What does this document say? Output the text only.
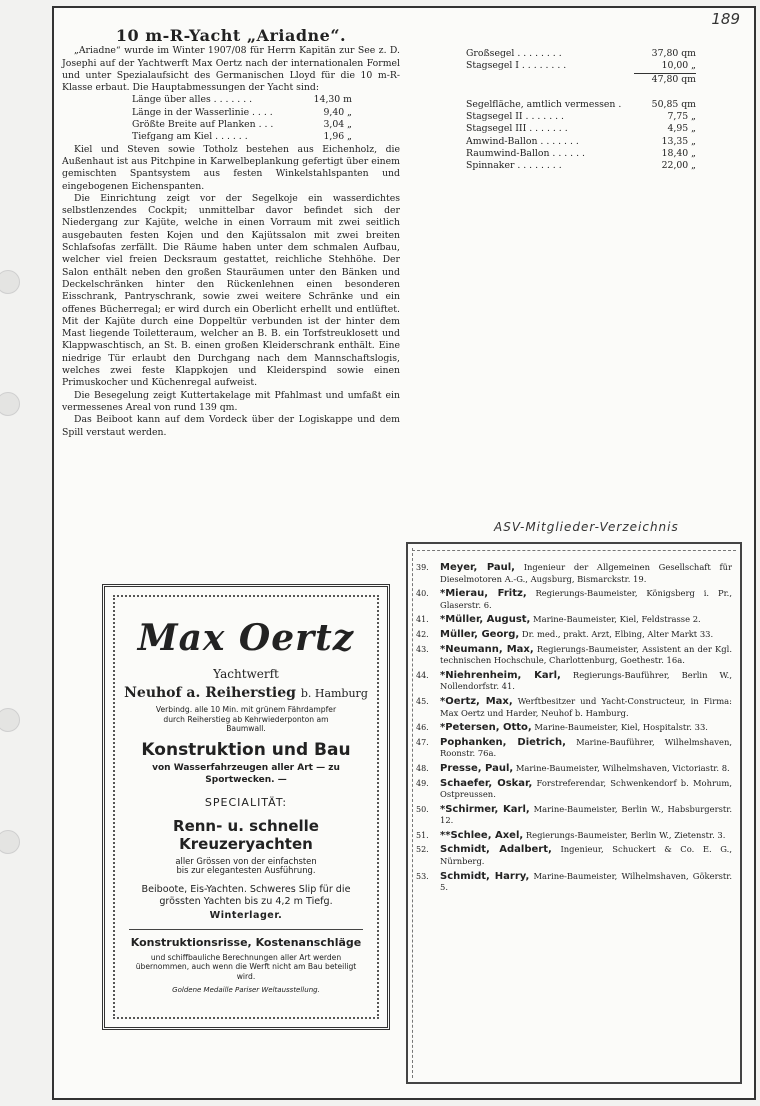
189
10 m-R-Yacht „Ariadne“.

„Ariadne“ wurde im Winter 1907/08 für Herrn Kapitän zur See z. D. Josephi auf der Yachtwerft Max Oertz nach der internationalen Formel und unter Spezialaufsicht des Germanischen Lloyd für die 10 m-R-Klasse erbaut. Die Hauptabmessungen der Yacht sind:

Länge über alles . . . . . . .	14,30 m
Länge in der Wasserlinie . . . .	9,40 „
Größte Breite auf Planken . . .	3,04 „
Tiefgang am Kiel . . . . . .	1,96 „

Kiel und Steven sowie Totholz bestehen aus Eichenholz, die Außenhaut ist aus Pitchpine in Karwelbeplankung gefertigt über einem gemischten Spantsystem aus festen Winkelstahlspanten und eingebogenen Eichenspanten.

Die Einrichtung zeigt vor der Segelkoje ein wasserdichtes selbstlenzendes Cockpit; unmittelbar davor befindet sich der Niedergang zur Kajüte, welche in einen Vorraum mit zwei seitlich ausgebauten festen Kojen und den Kajütssalon mit zwei breiten Schlafsofas zerfällt. Die Räume haben unter dem schmalen Aufbau, welcher viel freien Decksraum gestattet, reichliche Stehhöhe. Der Salon enthält neben den großen Stauräumen unter den Bänken und Deckelschränken hinter den Rückenlehnen einen besonderen Eisschrank, Pantryschrank, sowie zwei weitere Schränke und ein offenes Bücherregal; er wird durch ein Oberlicht erhellt und entlüftet. Mit der Kajüte durch eine Doppeltür verbunden ist der hinter dem Mast liegende Toiletteraum, welcher an B. B. ein Torfstreuklosett und Klappwaschtisch, an St. B. einen großen Kleiderschrank enthält. Eine niedrige Tür erlaubt den Durchgang nach dem Mannschaftslogis, welches zwei feste Klappkojen und Kleiderspind sowie einen Primuskocher und Küchenregal aufweist.

Die Besegelung zeigt Kuttertakelage mit Pfahlmast und umfaßt ein vermessenes Areal von rund 139 qm.

Das Beiboot kann auf dem Vordeck über der Logiskappe und dem Spill verstaut werden.

Großsegel . . . . . . . .	37,80 qm
Stagsegel I . . . . . . . .	10,00 „
47,80 qm
Segelfläche, amtlich vermessen .	50,85 qm
Stagsegel II . . . . . . .	7,75 „
Stagsegel III . . . . . . .	4,95 „
Amwind-Ballon . . . . . . .	13,35 „
Raumwind-Ballon . . . . . .	18,40 „
Spinnaker . . . . . . . .	22,00 „
Max Oertz
Yachtwerft
Neuhof a. Reiherstieg b. Hamburg
Verbindg. alle 10 Min. mit grünem Fährdampfer durch Reiherstieg ab Kehrwiederponton am Baumwall.
Konstruktion und Bau
von Wasserfahrzeugen aller Art — zu Sportwecken. —
SPECIALITÄT:
Renn- u. schnelle Kreuzeryachten
aller Grössen von der einfachsten bis zur elegantesten Ausführung.
Beiboote, Eis-Yachten. Schweres Slip für die grössten Yachten bis zu 4,2 m Tiefg.
Winterlager.
Konstruktionsrisse, Kostenanschläge
und schiffbauliche Berechnungen aller Art werden übernommen, auch wenn die Werft nicht am Bau beteiligt wird.
Goldene Medaille Pariser Weltausstellung.
ASV-Mitglieder-Verzeichnis
39.	Meyer, Paul, Ingenieur der Allgemeinen Gesellschaft für Dieselmotoren A.-G., Augsburg, Bismarckstr. 19.
40.	*Mierau, Fritz, Regierungs-Baumeister, Königsberg i. Pr., Glaserstr. 6.
41.	*Müller, August, Marine-Baumeister, Kiel, Feldstrasse 2.
42.	Müller, Georg, Dr. med., prakt. Arzt, Elbing, Alter Markt 33.
43.	*Neumann, Max, Regierungs-Baumeister, Assistent an der Kgl. technischen Hochschule, Charlottenburg, Goethestr. 16a.
44.	*Niehrenheim, Karl, Regierungs-Bauführer, Berlin W., Nollendorfstr. 41.
45.	*Oertz, Max, Werftbesitzer und Yacht-Constructeur, in Firma: Max Oertz und Harder, Neuhof b. Hamburg.
46.	*Petersen, Otto, Marine-Baumeister, Kiel, Hospitalstr. 33.
47.	Pophanken, Dietrich, Marine-Bauführer, Wilhelmshaven, Roonstr. 76a.
48.	Presse, Paul, Marine-Baumeister, Wilhelmshaven, Victoriastr. 8.
49.	Schaefer, Oskar, Forstreferendar, Schwenkendorf b. Mohrum, Ostpreussen.
50.	*Schirmer, Karl, Marine-Baumeister, Berlin W., Habsburgerstr. 12.
51.	**Schlee, Axel, Regierungs-Baumeister, Berlin W., Zietenstr. 3.
52.	Schmidt, Adalbert, Ingenieur, Schuckert & Co. E. G., Nürnberg.
53.	Schmidt, Harry, Marine-Baumeister, Wilhelmshaven, Gökerstr. 5.
